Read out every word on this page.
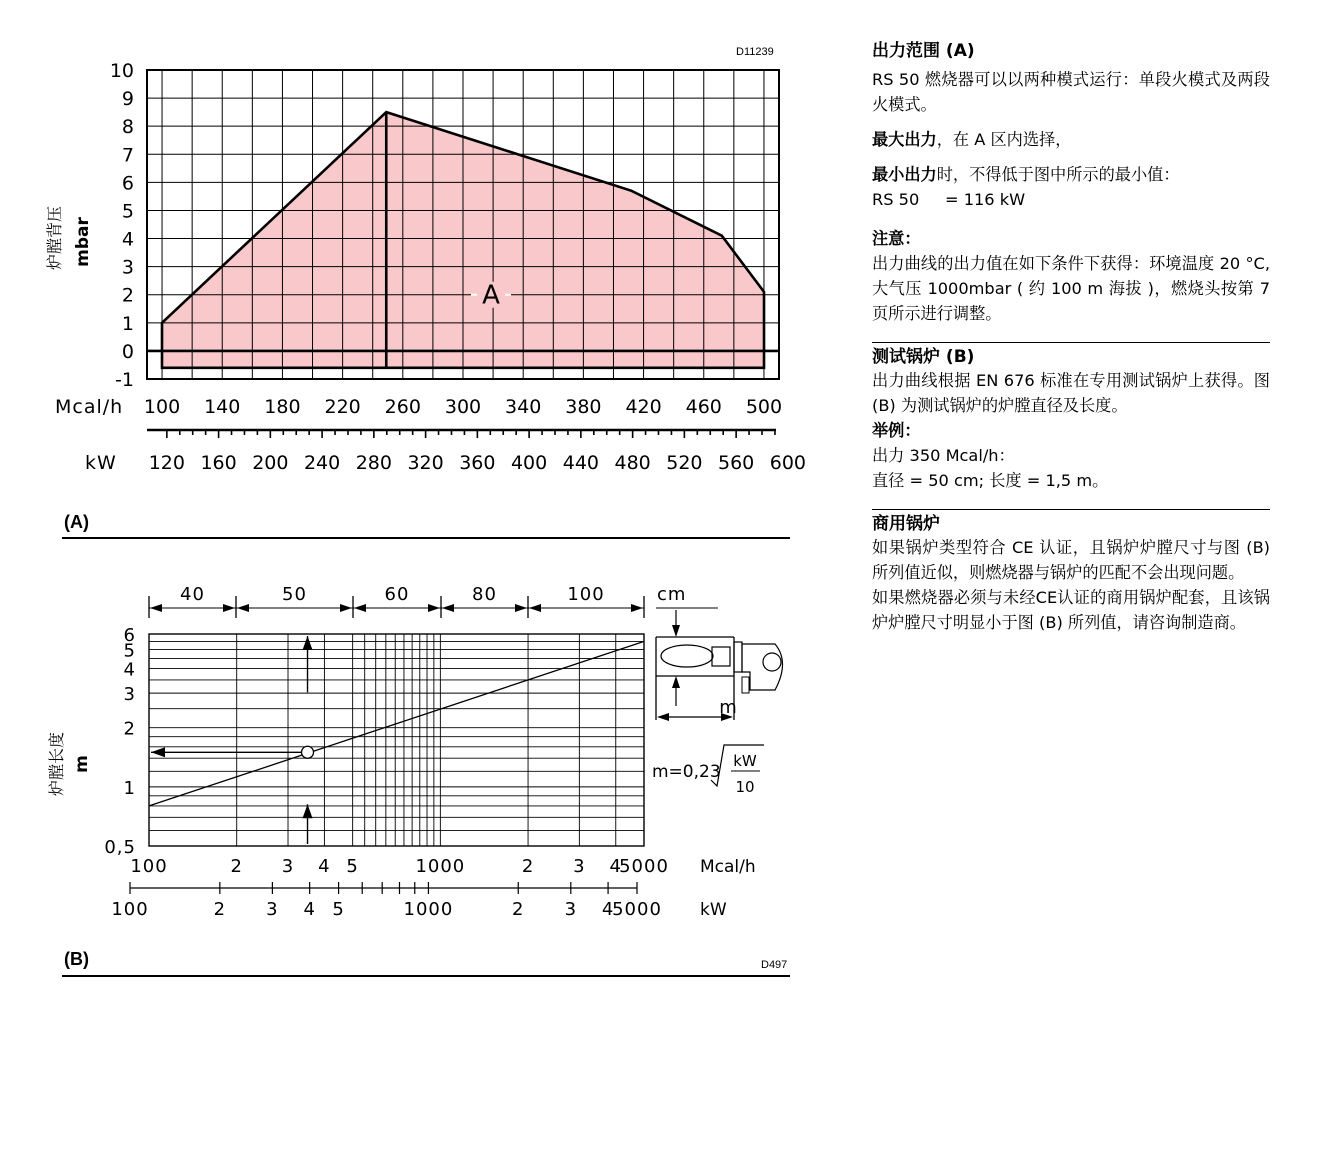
A
10
9
8
7
6
5
4
3
2
1
0
-1
炉膛背压 mbar
Mcal/h 100 140 180 220 260 300 340 380 420 460 500
kW 120 160 200 240 280 320 360 400 440 480 520 560 600
6
5
4
3
2
1
0,5
炉膛长度 m
40	50	60	80	100	cm
100	2 3 4 5	1000	2 3 4
5000 Mcal/h
100	2 3 4 5	1000	2 3 4
5000 kW
m
m=0,23
kW
10
D11239
(A)
D497
(B)
出力范围 (A)

RS 50 燃烧器可以以两种模式运行：单段火模式及两段火模式。

最大出力，在 A 区内选择，

最小出力时，不得低于图中所示的最小值：
RS 50     = 116 kW

注意：

出力曲线的出力值在如下条件下获得：环境温度 20 °C, 大气压 1000mbar ( 约 100 m 海拔 )，燃烧头按第 7 页所示进行调整。

测试锅炉 (B)

出力曲线根据 EN 676 标准在专用测试锅炉上获得。图 (B) 为测试锅炉的炉膛直径及长度。

举例：

出力 350 Mcal/h：

直径 = 50 cm; 长度 = 1,5 m。

商用锅炉

如果锅炉类型符合 CE 认证，且锅炉炉膛尺寸与图 (B) 所列值近似，则燃烧器与锅炉的匹配不会出现问题。

如果燃烧器必须与未经CE认证的商用锅炉配套，且该锅炉炉膛尺寸明显小于图 (B) 所列值，请咨询制造商。
